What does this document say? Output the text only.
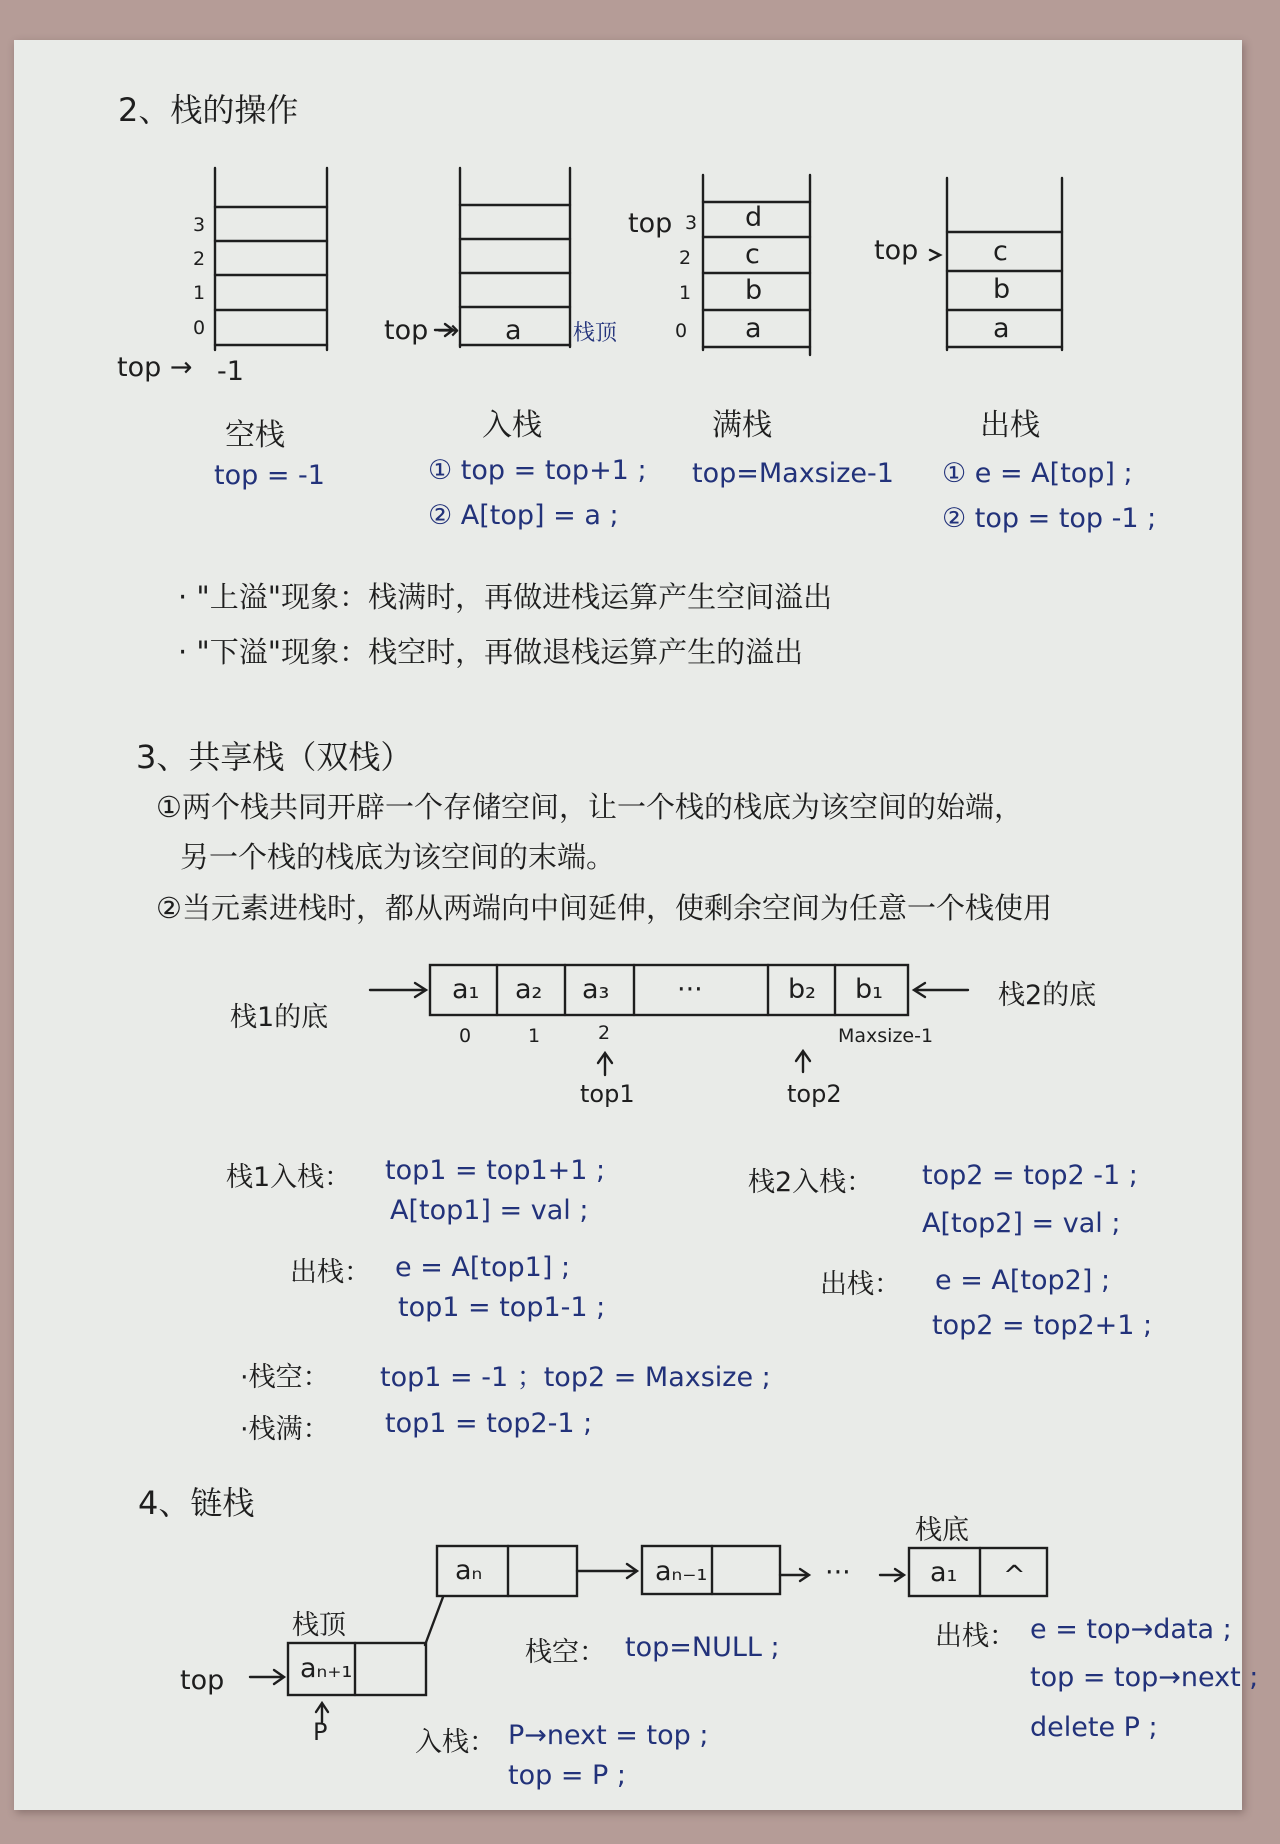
2、栈的操作
3
2
1
0
top → -1
空栈
top = -1
top → a 栈顶
入栈
① top = top+1 ;
② A[top] = a ;
top 3
2
1
0
d
c
b
a
满栈
top=Maxsize-1
top	c
b
a
出栈
① e = A[top] ;
② top = top -1 ;
· "上溢"现象：栈满时，再做进栈运算产生空间溢出
· "下溢"现象：栈空时，再做退栈运算产生的溢出
3、共享栈（双栈）
①两个栈共同开辟一个存储空间，让一个栈的栈底为该空间的始端，
另一个栈的栈底为该空间的末端。
②当元素进栈时，都从两端向中间延伸，使剩余空间为任意一个栈使用
栈1的底
栈2的底
a₁ a₂ a₃	···	b₂ b₁
0	1	2	Maxsize-1
top1	top2
栈1入栈： top1 = top1+1 ;
A[top1] = val ;
出栈： e = A[top1] ;
top1 = top1-1 ;
栈2入栈： top2 = top2 -1 ;
A[top2] = val ;
出栈： e = A[top2] ;
top2 = top2+1 ;
·栈空： top1 = -1 ；top2 = Maxsize ;
·栈满： top1 = top2-1 ;
4、链栈
栈底
aₙ	aₙ₋₁	···	a₁ ^
栈顶
aₙ₊₁
top
P
栈空： top=NULL ;
入栈： P→next = top ;
top = P ;
出栈： e = top→data ;
top = top→next ;
delete P ;
